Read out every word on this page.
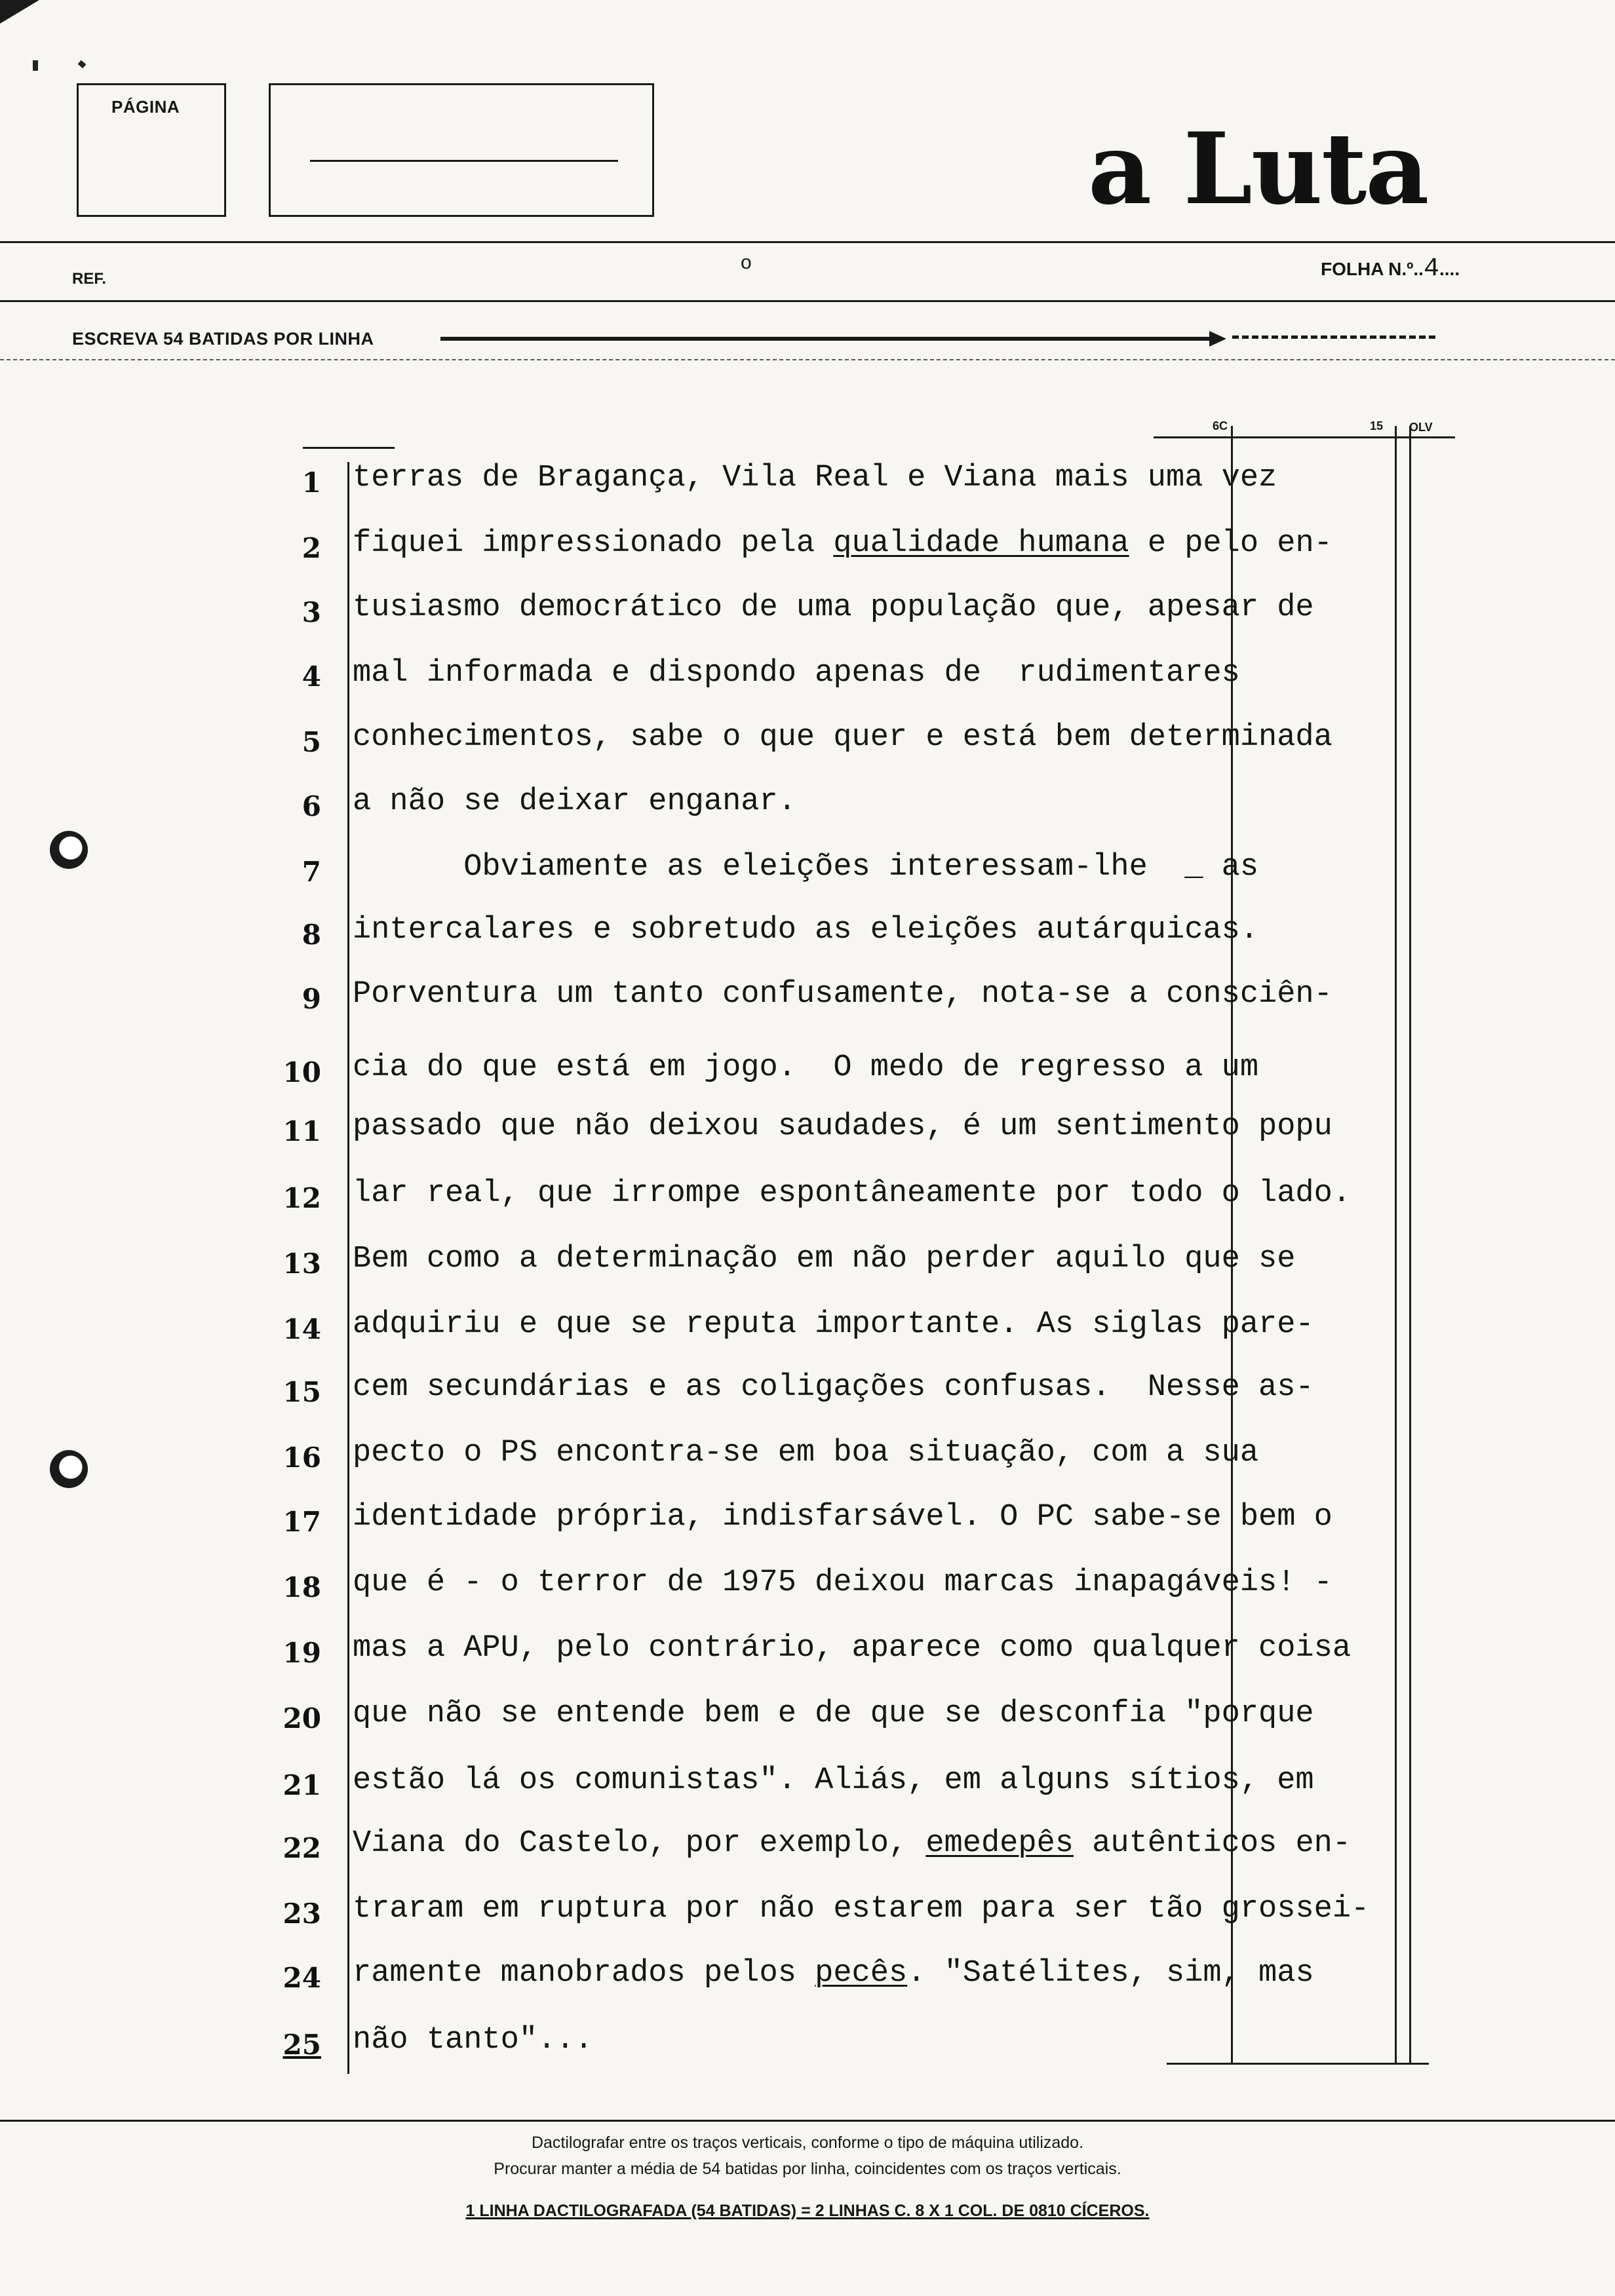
PÁGINA
a Luta
REF.
o	FOLHA N.º..4....
ESCREVA 54 BATIDAS POR LINHA
6C	15 OLV
1 terras de Bragança, Vila Real e Viana mais uma vez
2 fiquei impressionado pela qualidade humana e pelo en-
3 tusiasmo democrático de uma população que, apesar de
4 mal informada e dispondo apenas de  rudimentares
5 conhecimentos, sabe o que quer e está bem determinada
6 a não se deixar enganar.
7 Obviamente as eleições interessam-lhe  _ as
8 intercalares e sobretudo as eleições autárquicas.
9 Porventura um tanto confusamente, nota-se a consciên-
10 cia do que está em jogo.  O medo de regresso a um
11 passado que não deixou saudades, é um sentimento popu
12 lar real, que irrompe espontâneamente por todo o lado.
13 Bem como a determinação em não perder aquilo que se
14 adquiriu e que se reputa importante. As siglas pare-
15 cem secundárias e as coligações confusas.  Nesse as-
16 pecto o PS encontra-se em boa situação, com a sua
17 identidade própria, indisfarsável. O PC sabe-se bem o
18 que é - o terror de 1975 deixou marcas inapagáveis! -
19 mas a APU, pelo contrário, aparece como qualquer coisa
20 que não se entende bem e de que se desconfia "porque
21 estão lá os comunistas". Aliás, em alguns sítios, em
22 Viana do Castelo, por exemplo, emedepês autênticos en-
23 traram em ruptura por não estarem para ser tão grossei-
24 ramente manobrados pelos pecês. "Satélites, sim, mas
25 não tanto"...
Dactilografar entre os traços verticais, conforme o tipo de máquina utilizado.
Procurar manter a média de 54 batidas por linha, coincidentes com os traços verticais.
1 LINHA DACTILOGRAFADA (54 BATIDAS) = 2 LINHAS C. 8 X 1 COL. DE 0810 CÍCEROS.
